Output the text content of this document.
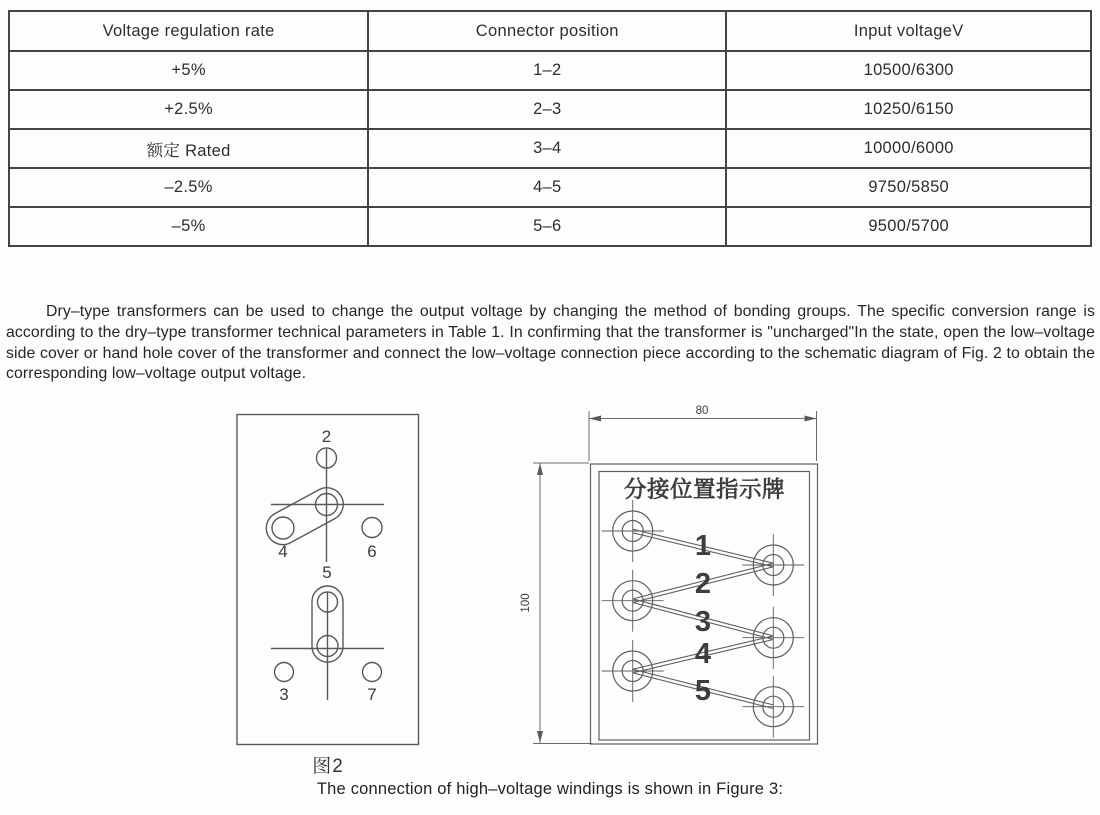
Voltage regulation rate	Connector position	Input voltageV
+5%	1–2	10500/6300
+2.5%	2–3	10250/6150
额定 Rated	3–4	10000/6000
–2.5%	4–5	9750/5850
–5%	5–6	9500/5700

Dry–type transformers can be used to change the output voltage by changing the method of bonding groups. The specific conversion range is according to the dry–type transformer technical parameters in Table 1. In confirming that the transformer is "uncharged"In the state, open the low–voltage side cover or hand hole cover of the transformer and connect the low–voltage connection piece according to the schematic diagram of Fig. 2 to obtain the corresponding low–voltage output voltage.

2
4	6
5
3	7
图2
80
100
分接位置指示牌
1
2
3
4
5
The connection of high–voltage windings is shown in Figure 3:
